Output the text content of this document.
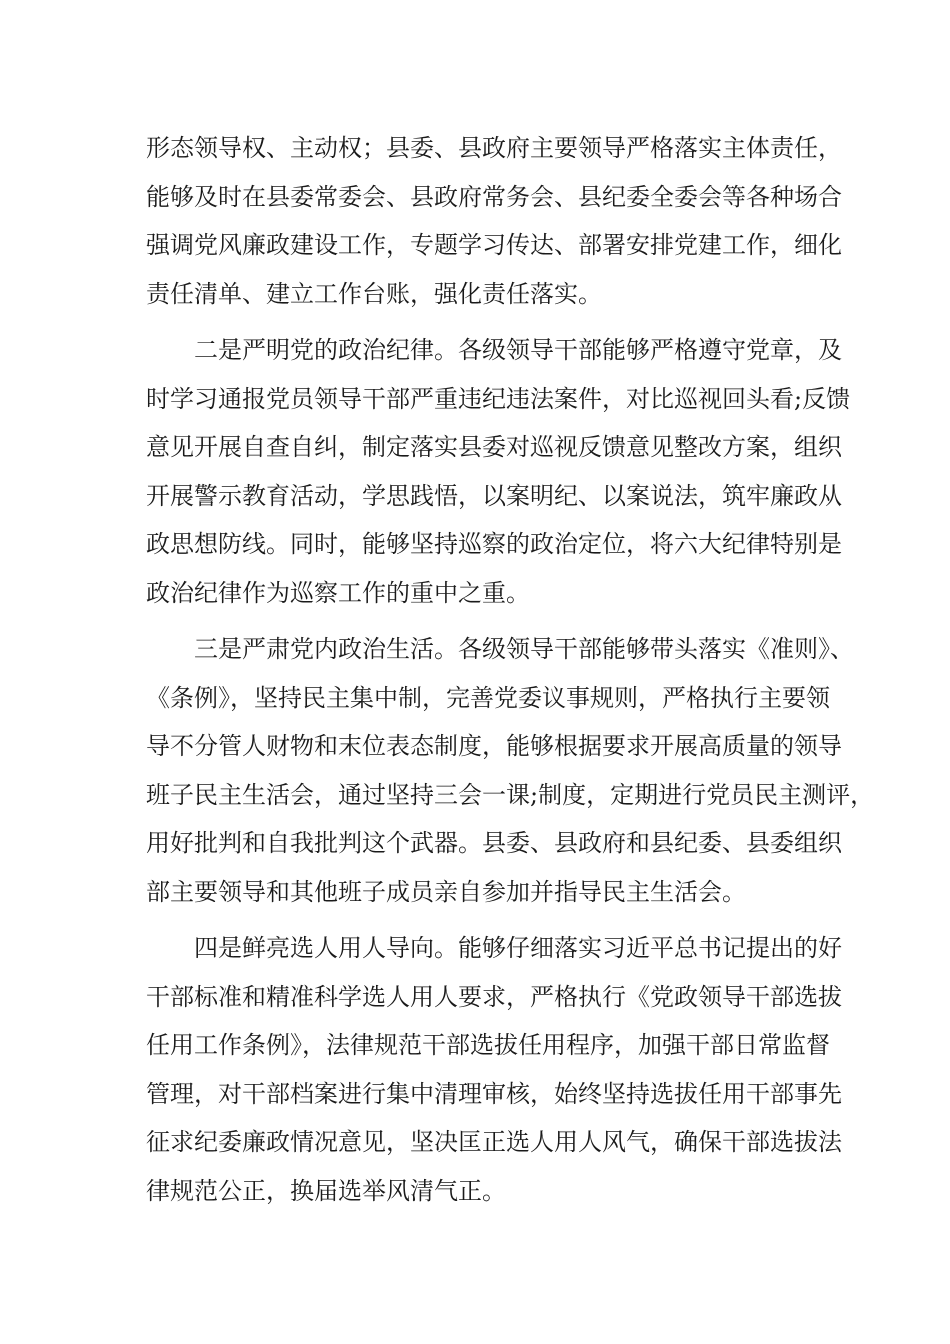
形态领导权、主动权；县委、县政府主要领导严格落实主体责任，
能够及时在县委常委会、县政府常务会、县纪委全委会等各种场合
强调党风廉政建设工作，专题学习传达、部署安排党建工作，细化
责任清单、建立工作台账，强化责任落实。
二是严明党的政治纪律。各级领导干部能够严格遵守党章，及
时学习通报党员领导干部严重违纪违法案件，对比巡视回头看;反馈
意见开展自查自纠，制定落实县委对巡视反馈意见整改方案，组织
开展警示教育活动，学思践悟，以案明纪、以案说法，筑牢廉政从
政思想防线。同时，能够坚持巡察的政治定位，将六大纪律特别是
政治纪律作为巡察工作的重中之重。
三是严肃党内政治生活。各级领导干部能够带头落实《准则》、
《条例》，坚持民主集中制，完善党委议事规则，严格执行主要领
导不分管人财物和末位表态制度，能够根据要求开展高质量的领导
班子民主生活会，通过坚持三会一课;制度，定期进行党员民主测评，
用好批判和自我批判这个武器。县委、县政府和县纪委、县委组织
部主要领导和其他班子成员亲自参加并指导民主生活会。
四是鲜亮选人用人导向。能够仔细落实习近平总书记提出的好
干部标准和精准科学选人用人要求，严格执行《党政领导干部选拔
任用工作条例》，法律规范干部选拔任用程序，加强干部日常监督
管理，对干部档案进行集中清理审核，始终坚持选拔任用干部事先
征求纪委廉政情况意见，坚决匡正选人用人风气，确保干部选拔法
律规范公正，换届选举风清气正。
